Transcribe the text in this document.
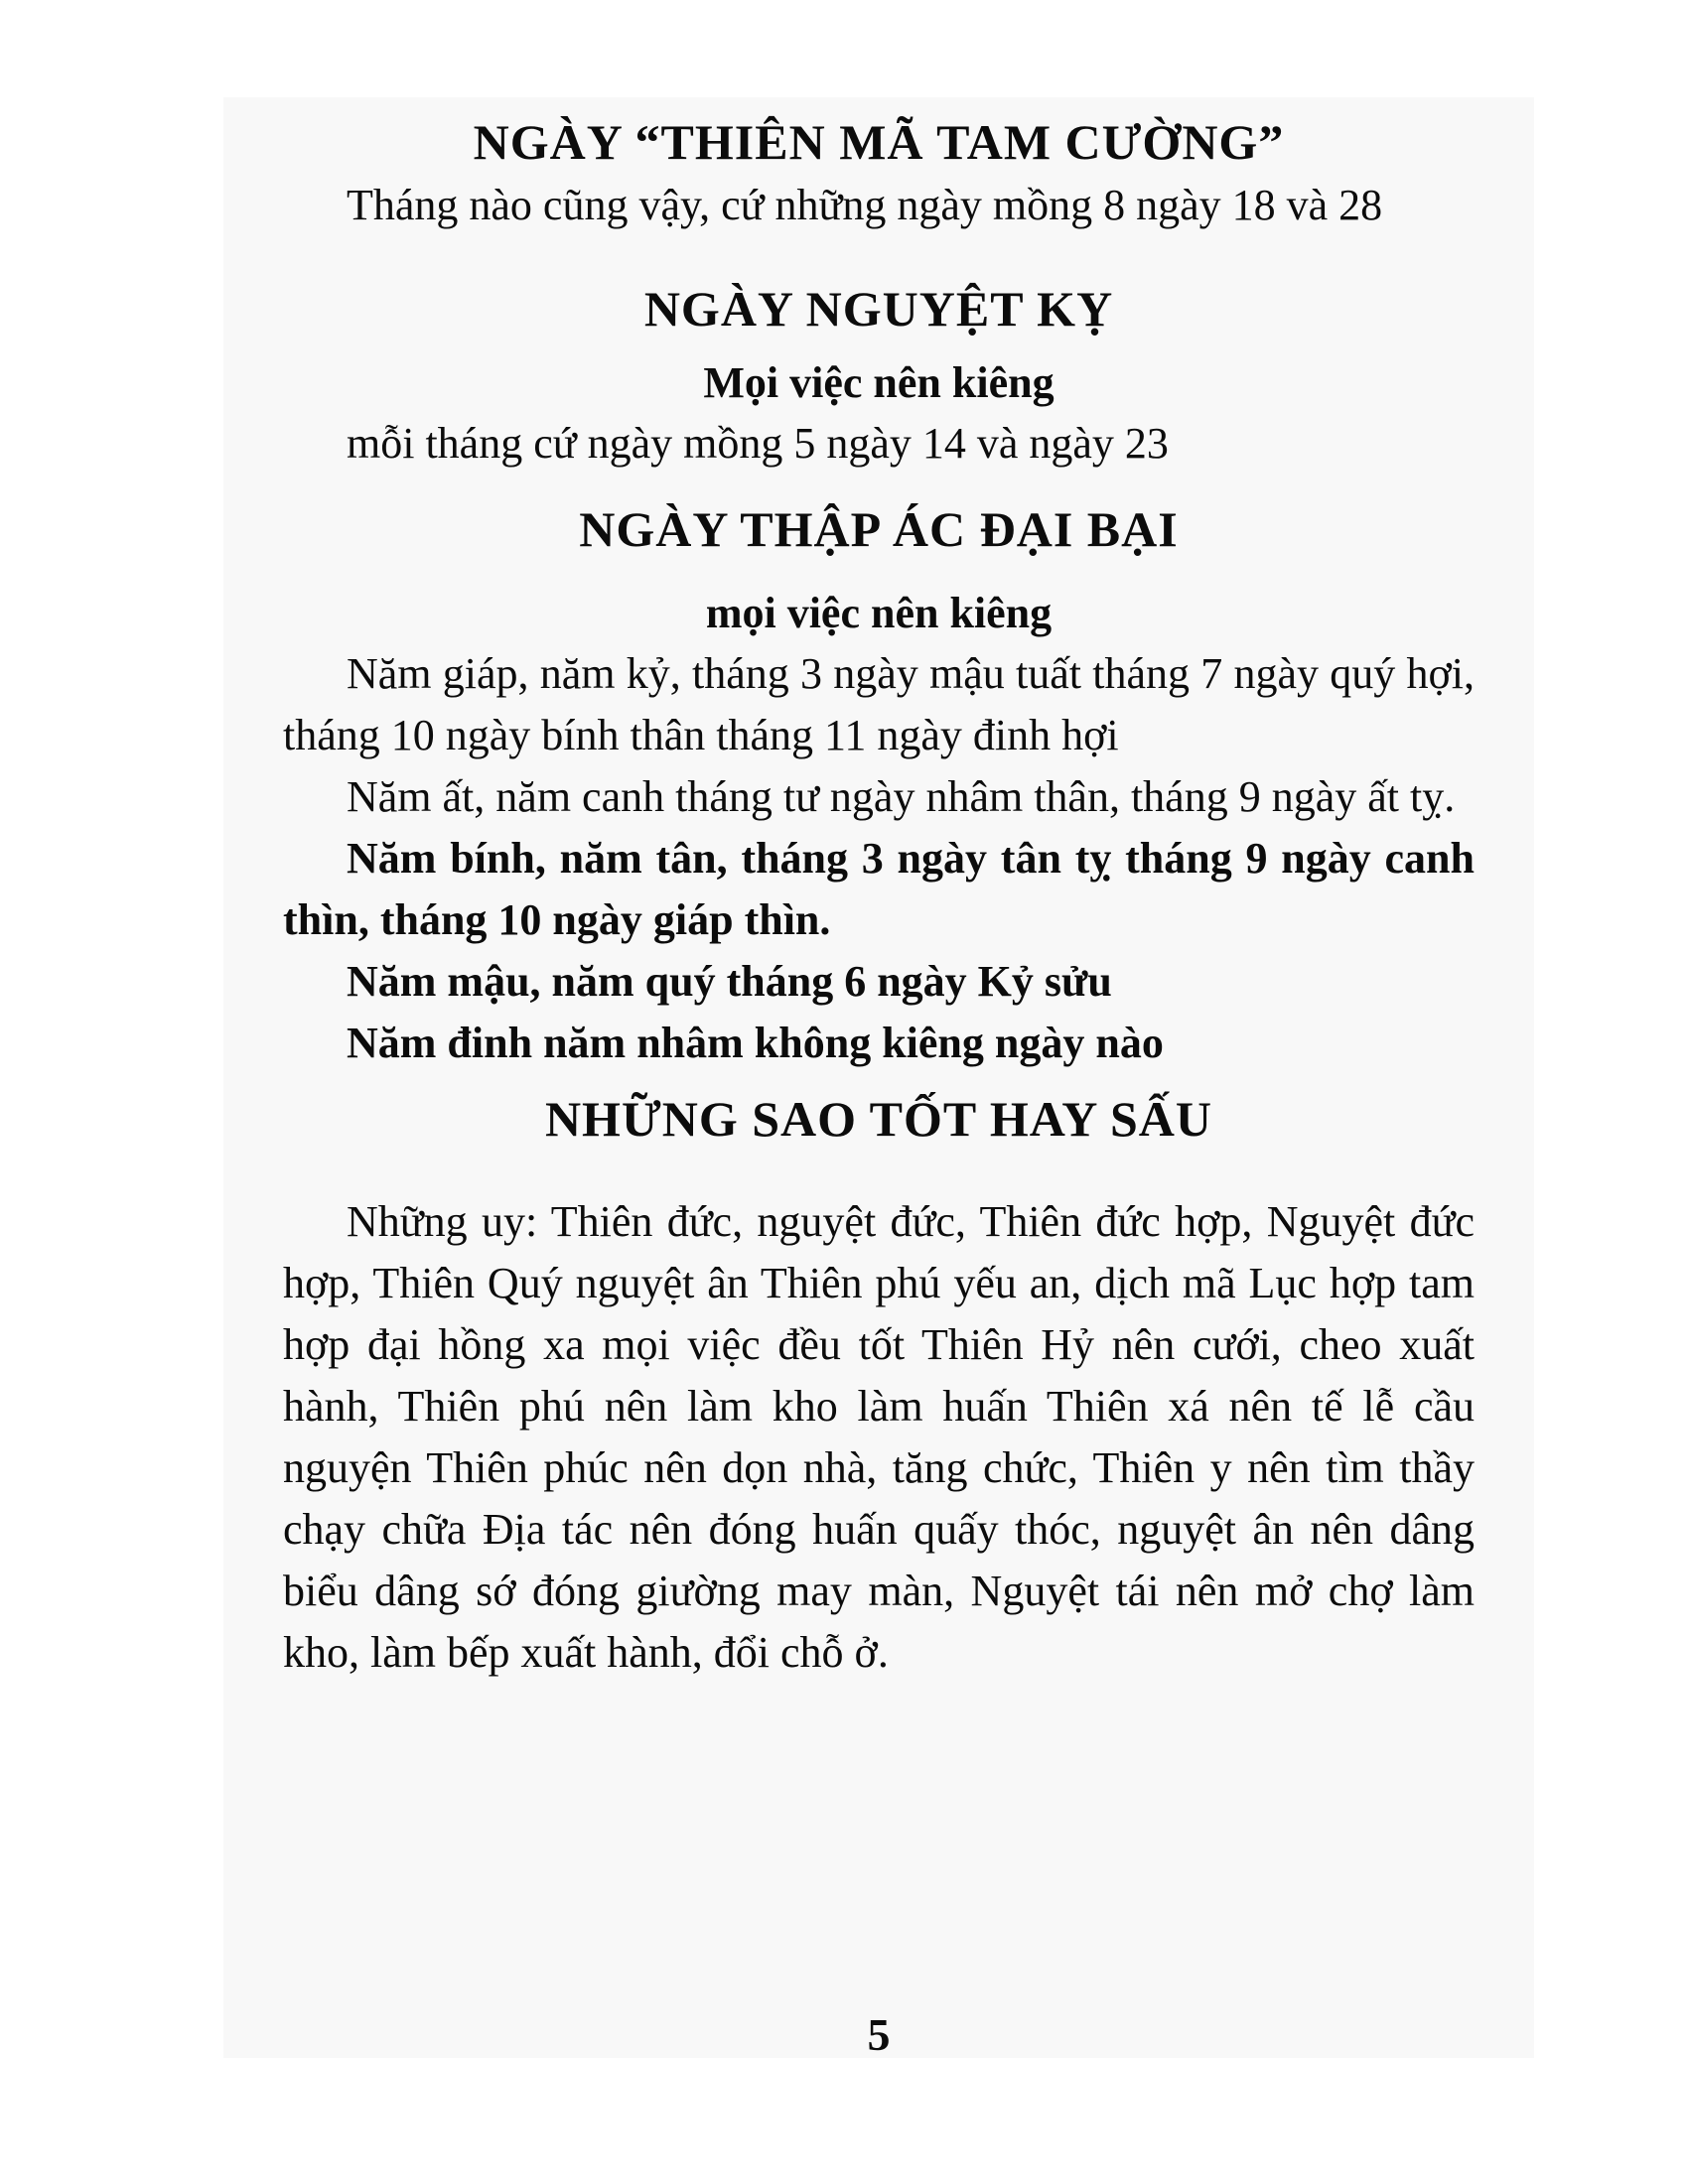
NGÀY “THIÊN MÃ TAM CƯỜNG”

Tháng nào cũng vậy, cứ những ngày mồng 8 ngày 18 và 28

NGÀY NGUYỆT KỴ

Mọi việc nên kiêng

mỗi tháng cứ ngày mồng 5 ngày 14 và ngày 23

NGÀY THẬP ÁC ĐẠI BẠI

mọi việc nên kiêng

Năm giáp, năm kỷ, tháng 3 ngày mậu tuất tháng 7 ngày quý hợi, tháng 10 ngày bính thân tháng 11 ngày đinh hợi

Năm ất, năm canh tháng tư ngày nhâm thân, tháng 9 ngày ất tỵ.

Năm bính, năm tân, tháng 3 ngày tân tỵ tháng 9 ngày canh thìn, tháng 10 ngày giáp thìn.

Năm mậu, năm quý tháng 6 ngày Kỷ sửu

Năm đinh năm nhâm không kiêng ngày nào

NHỮNG SAO TỐT HAY SẤU

Những uy: Thiên đức, nguyệt đức, Thiên đức hợp, Nguyệt đức hợp, Thiên Quý nguyệt ân Thiên phú yếu an, dịch mã Lục hợp tam hợp đại hồng xa mọi việc đều tốt Thiên Hỷ nên cưới, cheo xuất hành, Thiên phú nên làm kho làm huấn Thiên xá nên tế lễ cầu nguyện Thiên phúc nên dọn nhà, tăng chức, Thiên y nên tìm thầy chạy chữa Địa tác nên đóng huấn quấy thóc, nguyệt ân nên dâng biểu dâng sớ đóng giường may màn, Nguyệt tái nên mở chợ làm kho, làm bếp xuất hành, đổi chỗ ở.

5
